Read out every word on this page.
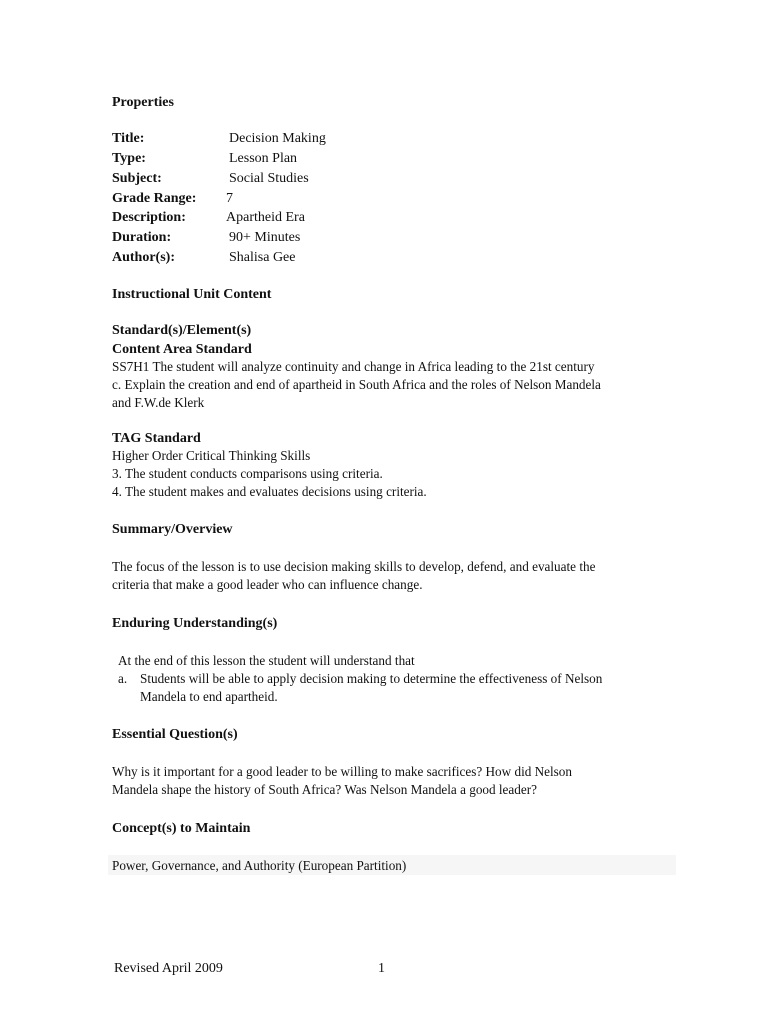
Properties
Title:	Decision Making
Type:	Lesson Plan
Subject:	Social Studies
Grade Range: 7
Description:	Apartheid Era
Duration:	90+ Minutes
Author(s):	Shalisa Gee
Instructional Unit Content
Standard(s)/Element(s)
Content Area Standard
SS7H1 The student will analyze continuity and change in Africa leading to the 21st century
c. Explain the creation and end of apartheid in South Africa and the roles of Nelson Mandela
and F.W.de Klerk
TAG Standard
Higher Order Critical Thinking Skills
3. The student conducts comparisons using criteria.
4. The student makes and evaluates decisions using criteria.
Summary/Overview
The focus of the lesson is to use decision making skills to develop, defend, and evaluate the
criteria that make a good leader who can influence change.
Enduring Understanding(s)
At the end of this lesson the student will understand that
a. Students will be able to apply decision making to determine the effectiveness of Nelson
Mandela to end apartheid.
Essential Question(s)
Why is it important for a good leader to be willing to make sacrifices? How did Nelson
Mandela shape the history of South Africa? Was Nelson Mandela a good leader?
Concept(s) to Maintain
Power, Governance, and Authority (European Partition)
Revised April 2009	1
